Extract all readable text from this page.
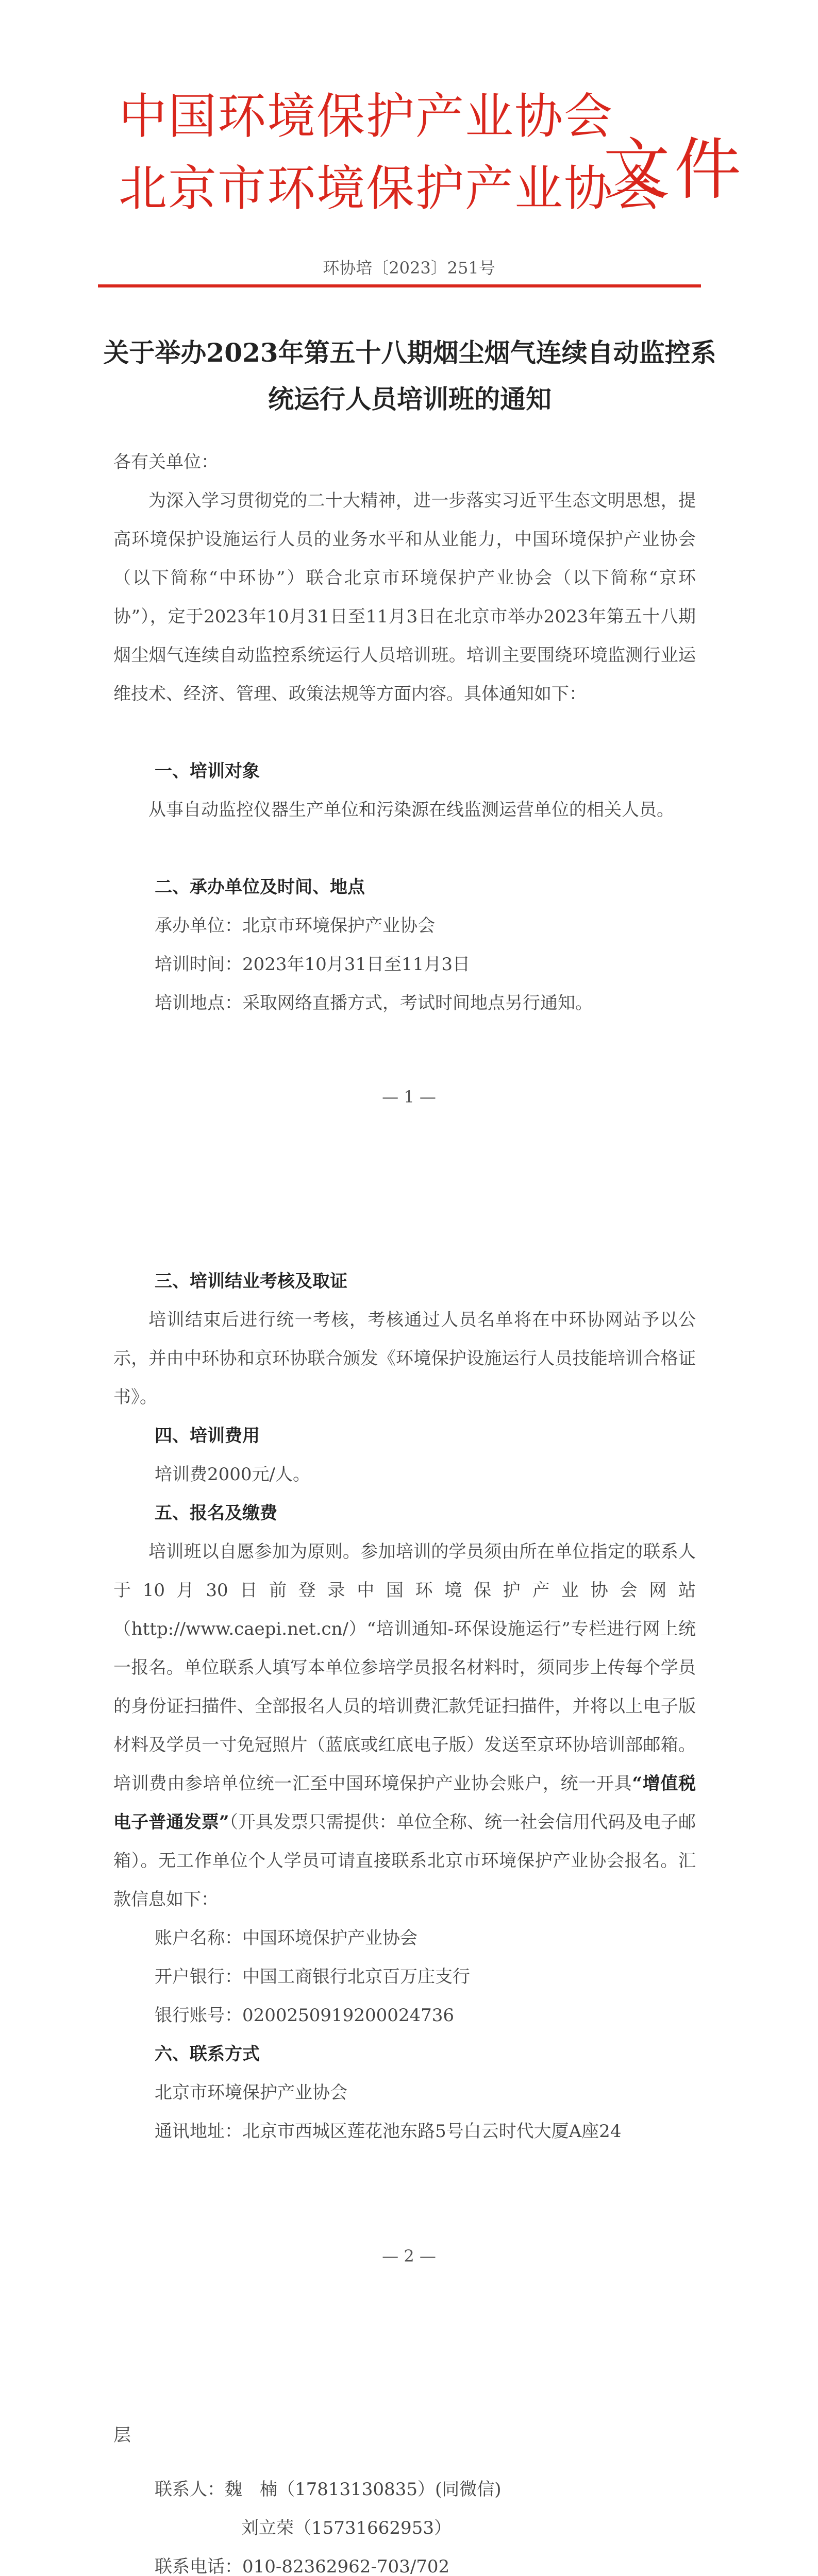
中国环境保护产业协会
北京市环境保护产业协会
文件
环协培〔2023〕251号
关于举办2023年第五十八期烟尘烟气连续自动监控系统运行人员培训班的通知
各有关单位：
为深入学习贯彻党的二十大精神，进一步落实习近平生态文明思想，提高环境保护设施运行人员的业务水平和从业能力，中国环境保护产业协会（以下简称“中环协”）联合北京市环境保护产业协会（以下简称“京环协”），定于2023年10月31日至11月3日在北京市举办2023年第五十八期烟尘烟气连续自动监控系统运行人员培训班。培训主要围绕环境监测行业运维技术、经济、管理、政策法规等方面内容。具体通知如下：
一、培训对象
从事自动监控仪器生产单位和污染源在线监测运营单位的相关人员。
二、承办单位及时间、地点
承办单位：北京市环境保护产业协会
培训时间：2023年10月31日至11月3日
培训地点：采取网络直播方式，考试时间地点另行通知。
— 1 —
三、培训结业考核及取证
培训结束后进行统一考核，考核通过人员名单将在中环协网站予以公示，并由中环协和京环协联合颁发《环境保护设施运行人员技能培训合格证书》。
四、培训费用
培训费2000元/人。
五、报名及缴费
培训班以自愿参加为原则。参加培训的学员须由所在单位指定的联系人于10月30日前登录中国环境保护产业协会网站（http://www.caepi.net.cn/）“培训通知-环保设施运行”专栏进行网上统一报名。单位联系人填写本单位参培学员报名材料时，须同步上传每个学员的身份证扫描件、全部报名人员的培训费汇款凭证扫描件，并将以上电子版材料及学员一寸免冠照片（蓝底或红底电子版）发送至京环协培训部邮箱。培训费由参培单位统一汇至中国环境保护产业协会账户，统一开具“增值税电子普通发票”（开具发票只需提供：单位全称、统一社会信用代码及电子邮箱）。无工作单位个人学员可请直接联系北京市环境保护产业协会报名。汇款信息如下：
账户名称：中国环境保护产业协会
开户银行：中国工商银行北京百万庄支行
银行账号：0200250919200024736
六、联系方式
北京市环境保护产业协会
通讯地址：北京市西城区莲花池东路5号白云时代大厦A座24
— 2 —
层
联系人：魏　楠（17813130835）(同微信)
刘立荣（15731662953）
联系电话：010-82362962-703/702
